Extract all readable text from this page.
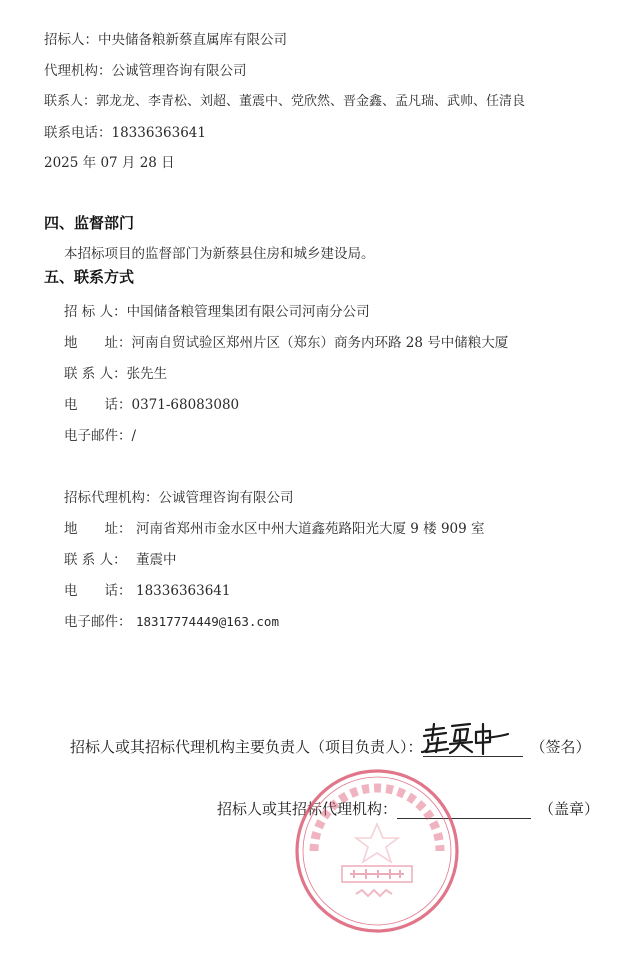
招标人：中央储备粮新蔡直属库有限公司
代理机构：公诚管理咨询有限公司
联系人：郭龙龙、李青松、刘超、董震中、党欣然、晋金鑫、孟凡瑞、武帅、任清良
联系电话：18336363641
2025 年 07 月 28 日
四、监督部门
本招标项目的监督部门为新蔡县住房和城乡建设局。
五、联系方式
招 标 人：中国储备粮管理集团有限公司河南分公司
地　　址：河南自贸试验区郑州片区（郑东）商务内环路 28 号中储粮大厦
联 系 人：张先生
电　　话：0371-68083080
电子邮件：/
招标代理机构：公诚管理咨询有限公司
地　　址： 河南省郑州市金水区中州大道鑫苑路阳光大厦 9 楼 909 室
联 系 人： 董震中
电　　话： 18336363641
电子邮件： 18317774449@163.com
招标人或其招标代理机构主要负责人（项目负责人）：	（签名）
招标人或其招标代理机构：	（盖章）
